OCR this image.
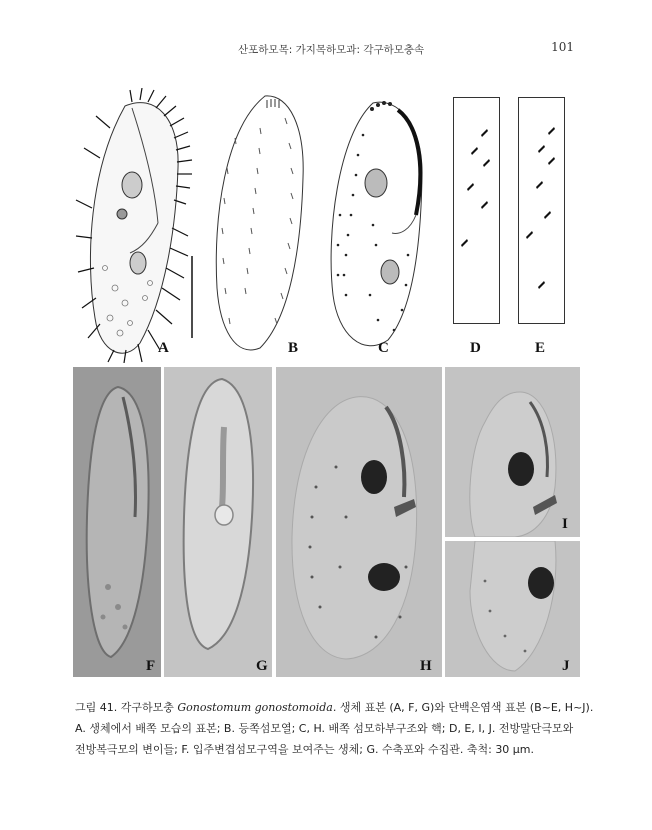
산포하모목: 가지목하모과: 각구하모충속	101
A	B	C	D	E
F	G	H
I
J
그림 41. 각구하모충 Gonostomum gonostomoida. 생체 표본 (A, F, G)와 단백은염색 표본 (B~E, H~J).
A. 생체에서 배쪽 모습의 표본; B. 등쪽섬모열; C, H. 배쪽 섬모하부구조와 핵; D, E, I, J. 전방말단극모와
전방복극모의 변이들; F. 입주변겹섬모구역을 보여주는 생체; G. 수축포와 수집관. 축척: 30 μm.
